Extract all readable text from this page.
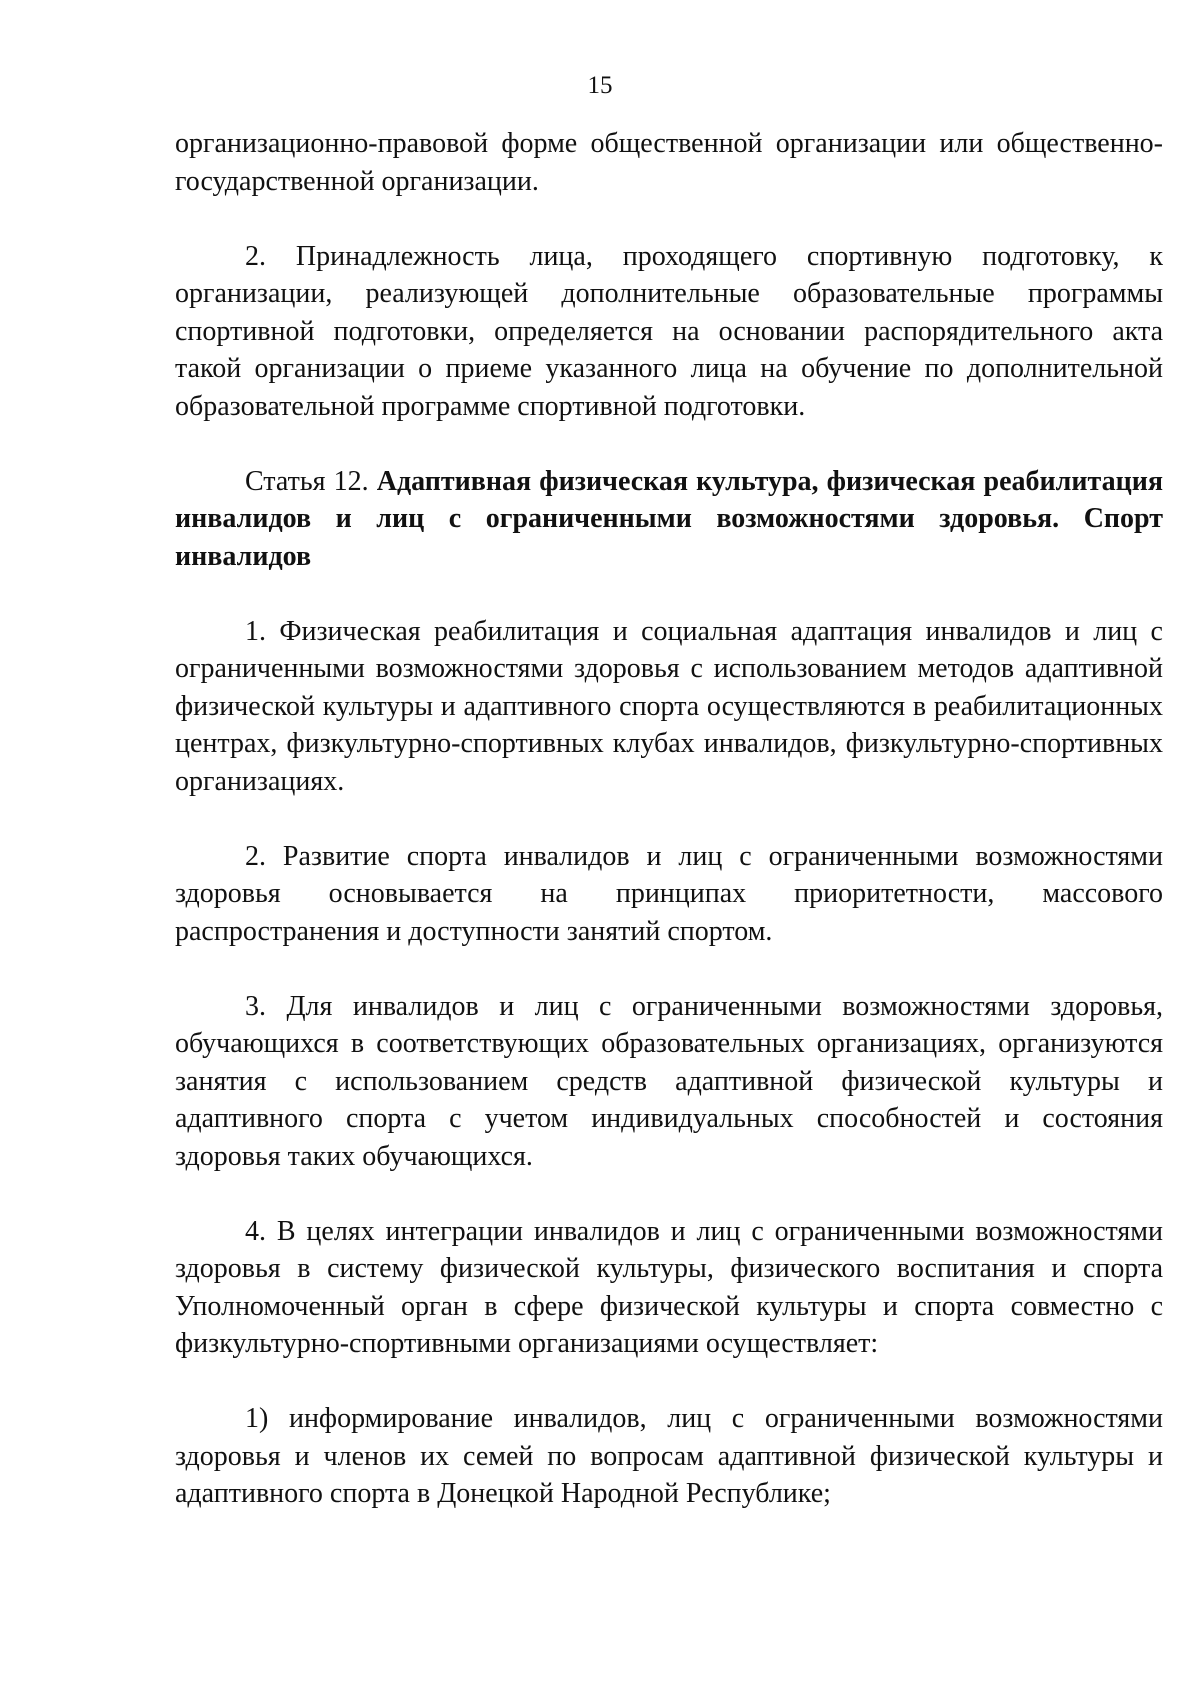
15

организационно-правовой форме общественной организации или общественно-государственной организации.

2. Принадлежность лица, проходящего спортивную подготовку, к организации, реализующей дополнительные образовательные программы спортивной подготовки, определяется на основании распорядительного акта такой организации о приеме указанного лица на обучение по дополнительной образовательной программе спортивной подготовки.

Статья 12. Адаптивная физическая культура, физическая реабилитация инвалидов и лиц с ограниченными возможностями здоровья. Спорт инвалидов

1. Физическая реабилитация и социальная адаптация инвалидов и лиц с ограниченными возможностями здоровья с использованием методов адаптивной физической культуры и адаптивного спорта осуществляются в реабилитационных центрах, физкультурно-спортивных клубах инвалидов, физкультурно-спортивных организациях.

2. Развитие спорта инвалидов и лиц с ограниченными возможностями здоровья основывается на принципах приоритетности, массового распространения и доступности занятий спортом.

3. Для инвалидов и лиц с ограниченными возможностями здоровья, обучающихся в соответствующих образовательных организациях, организуются занятия с использованием средств адаптивной физической культуры и адаптивного спорта с учетом индивидуальных способностей и состояния здоровья таких обучающихся.

4. В целях интеграции инвалидов и лиц с ограниченными возможностями здоровья в систему физической культуры, физического воспитания и спорта Уполномоченный орган в сфере физической культуры и спорта совместно с физкультурно-спортивными организациями осуществляет:

1) информирование инвалидов, лиц с ограниченными возможностями здоровья и членов их семей по вопросам адаптивной физической культуры и адаптивного спорта в Донецкой Народной Республике;
